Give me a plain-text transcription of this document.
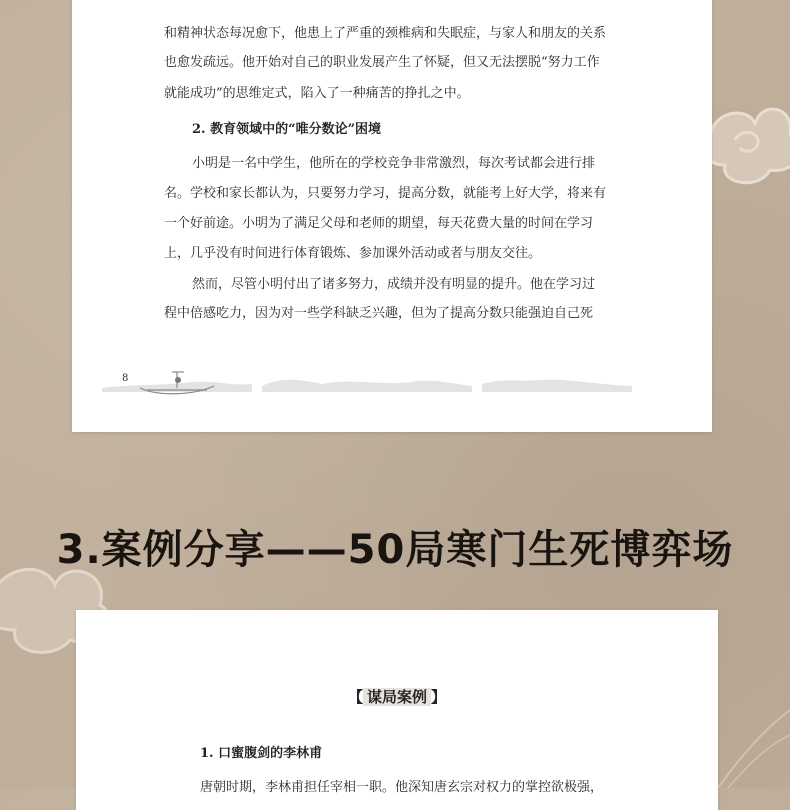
和精神状态每况愈下，他患上了严重的颈椎病和失眠症，与家人和朋友的关系
也愈发疏远。他开始对自己的职业发展产生了怀疑，但又无法摆脱“努力工作
就能成功”的思维定式，陷入了一种痛苦的挣扎之中。
2. 教育领域中的“唯分数论”困境
小明是一名中学生，他所在的学校竞争非常激烈，每次考试都会进行排
名。学校和家长都认为，只要努力学习，提高分数，就能考上好大学，将来有
一个好前途。小明为了满足父母和老师的期望，每天花费大量的时间在学习
上，几乎没有时间进行体育锻炼、参加课外活动或者与朋友交往。
然而，尽管小明付出了诸多努力，成绩并没有明显的提升。他在学习过
程中倍感吃力，因为对一些学科缺乏兴趣，但为了提高分数只能强迫自己死
8
3.案例分享——50局寒门生死博弈场
【 谋局案例 】
1. 口蜜腹剑的李林甫
唐朝时期，李林甫担任宰相一职。他深知唐玄宗对权力的掌控欲极强，
